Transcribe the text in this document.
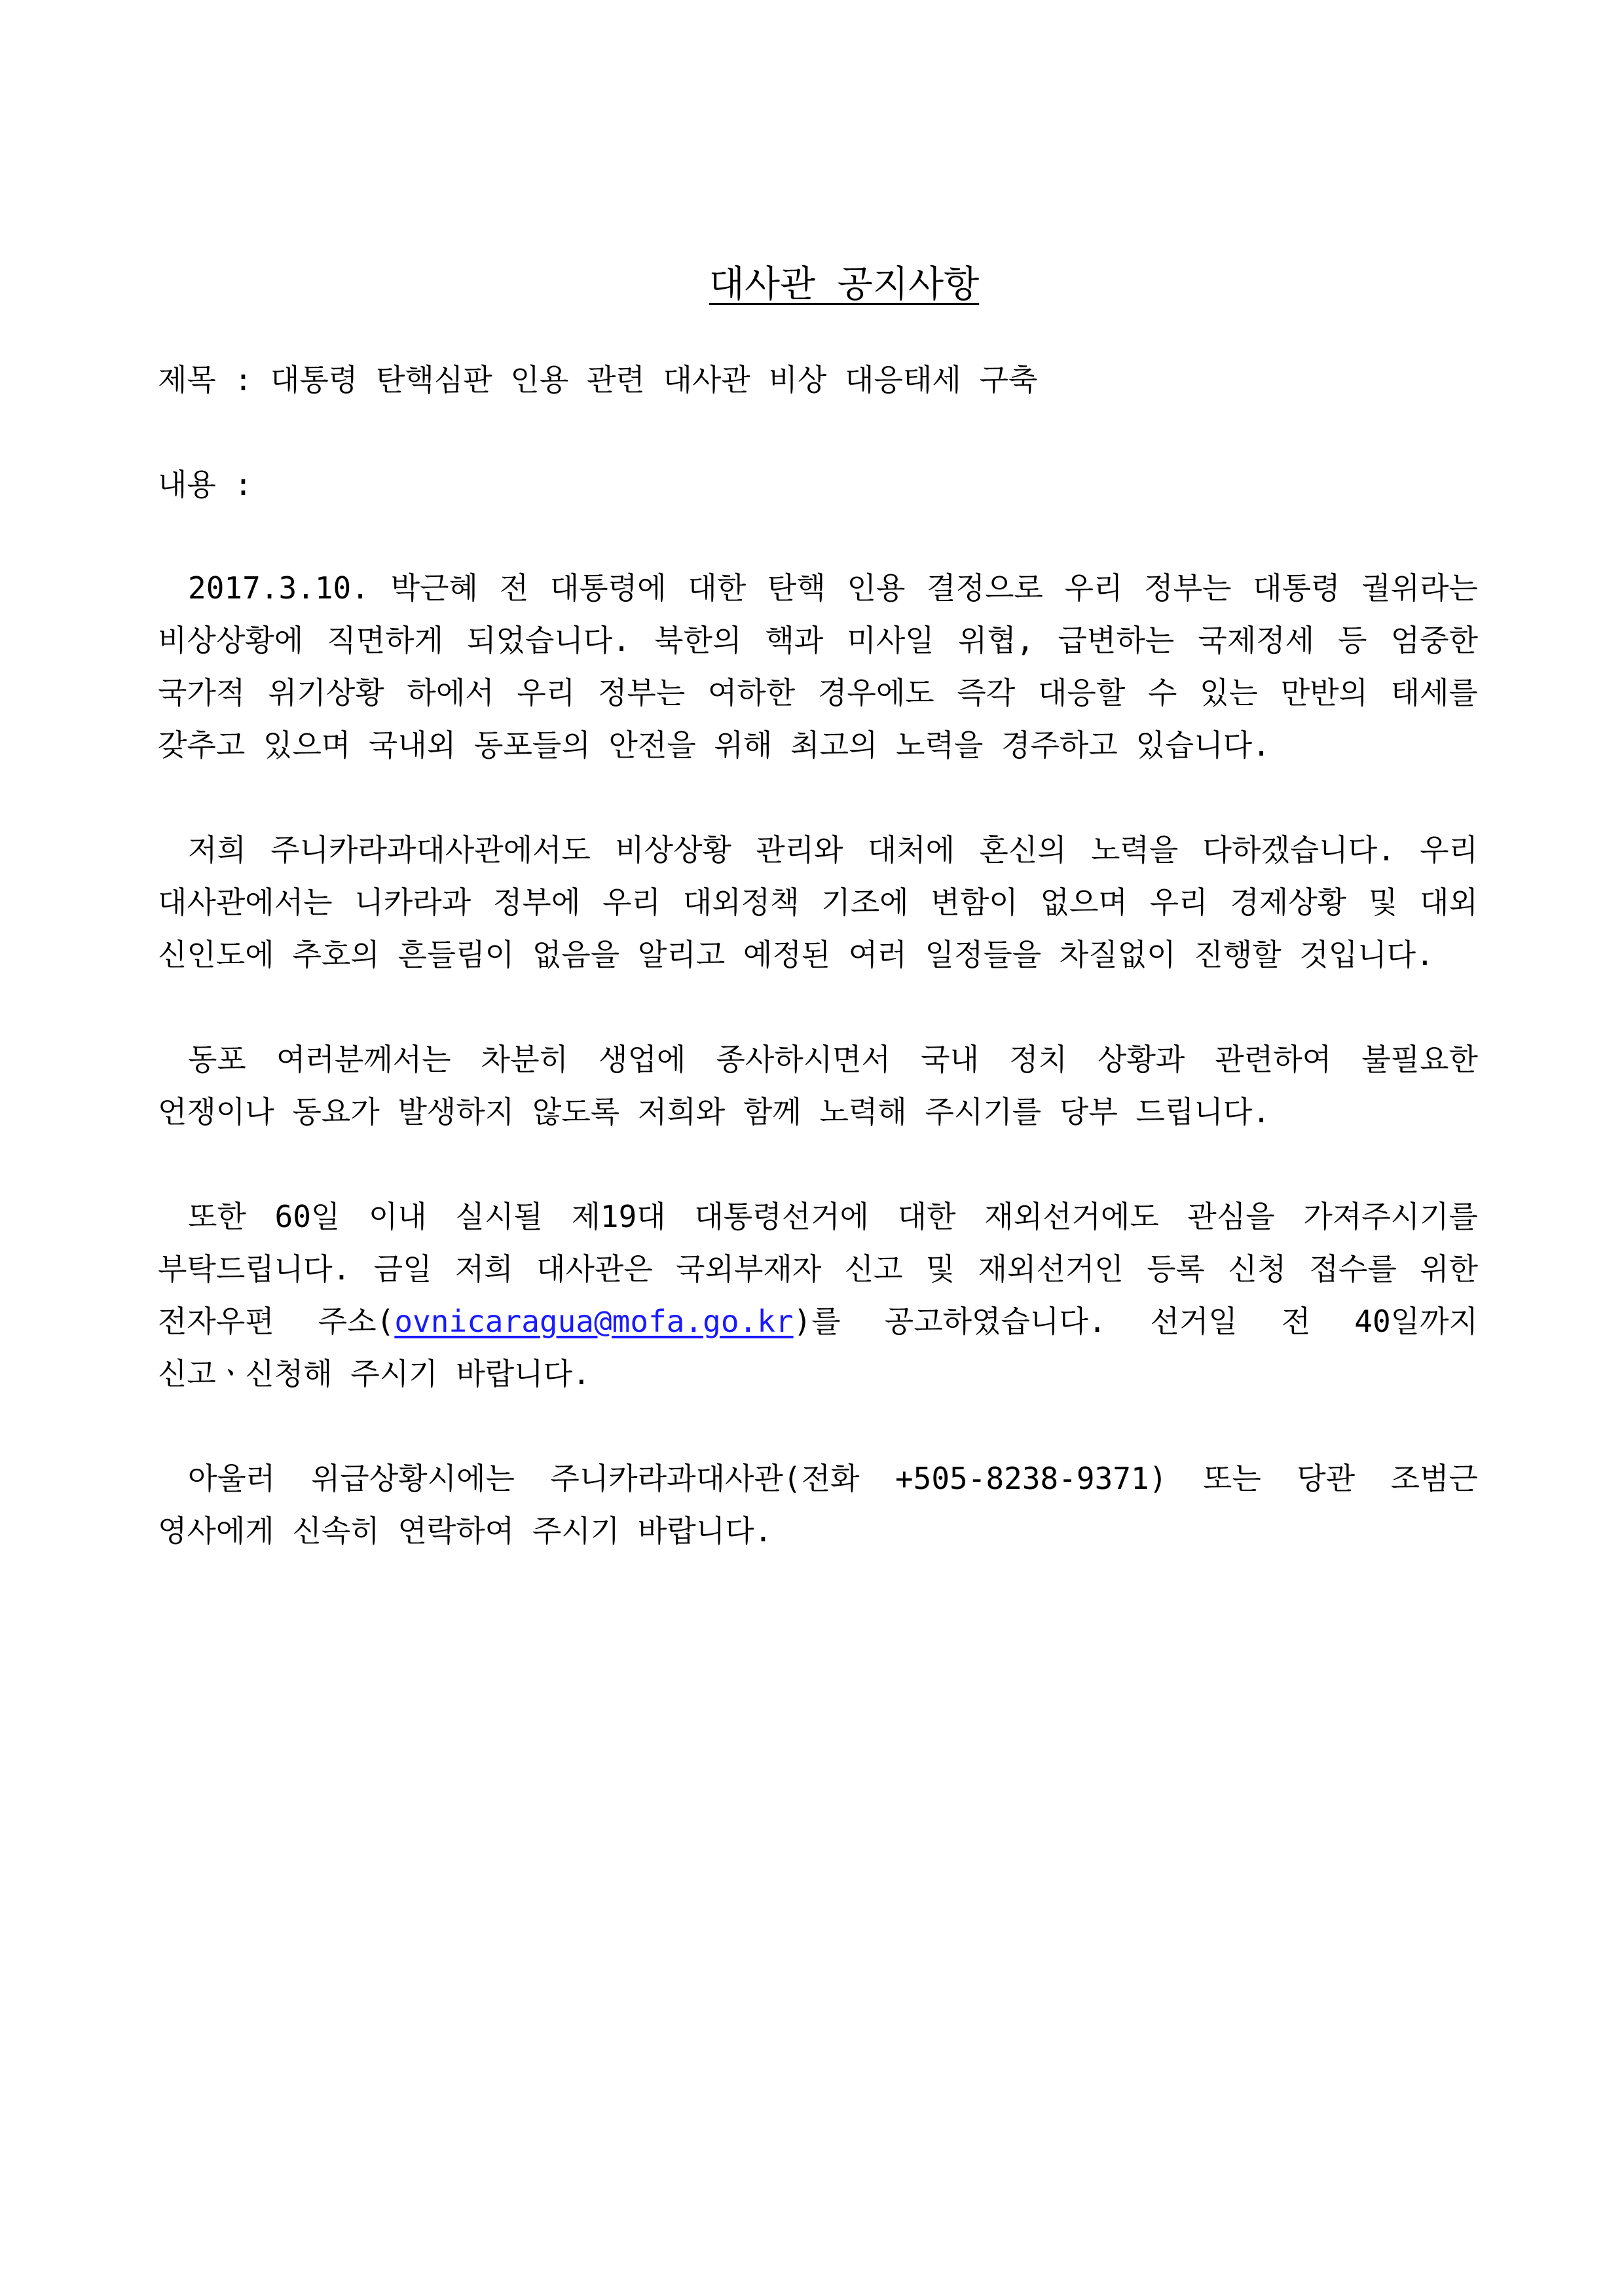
대사관 공지사항
제목 : 대통령 탄핵심판 인용 관련 대사관 비상 대응태세 구축
내용 :

2017.3.10. 박근혜 전 대통령에 대한 탄핵 인용 결정으로 우리 정부는 대통령 궐위라는 비상상황에 직면하게 되었습니다. 북한의 핵과 미사일 위협, 급변하는 국제정세 등 엄중한 국가적 위기상황 하에서 우리 정부는 여하한 경우에도 즉각 대응할 수 있는 만반의 태세를 갖추고 있으며 국내외 동포들의 안전을 위해 최고의 노력을 경주하고 있습니다.

저희 주니카라과대사관에서도 비상상황 관리와 대처에 혼신의 노력을 다하겠습니다. 우리 대사관에서는 니카라과 정부에 우리 대외정책 기조에 변함이 없으며 우리 경제상황 및 대외 신인도에 추호의 흔들림이 없음을 알리고 예정된 여러 일정들을 차질없이 진행할 것입니다.

동포 여러분께서는 차분히 생업에 종사하시면서 국내 정치 상황과 관련하여 불필요한 언쟁이나 동요가 발생하지 않도록 저희와 함께 노력해 주시기를 당부 드립니다.

또한 60일 이내 실시될 제19대 대통령선거에 대한 재외선거에도 관심을 가져주시기를 부탁드립니다. 금일 저희 대사관은 국외부재자 신고 및 재외선거인 등록 신청 접수를 위한 전자우편 주소(ovnicaragua@mofa.go.kr)를 공고하였습니다. 선거일 전 40일까지 신고ㆍ신청해 주시기 바랍니다.

아울러 위급상황시에는 주니카라과대사관(전화 +505-8238-9371) 또는 당관 조범근 영사에게 신속히 연락하여 주시기 바랍니다.
